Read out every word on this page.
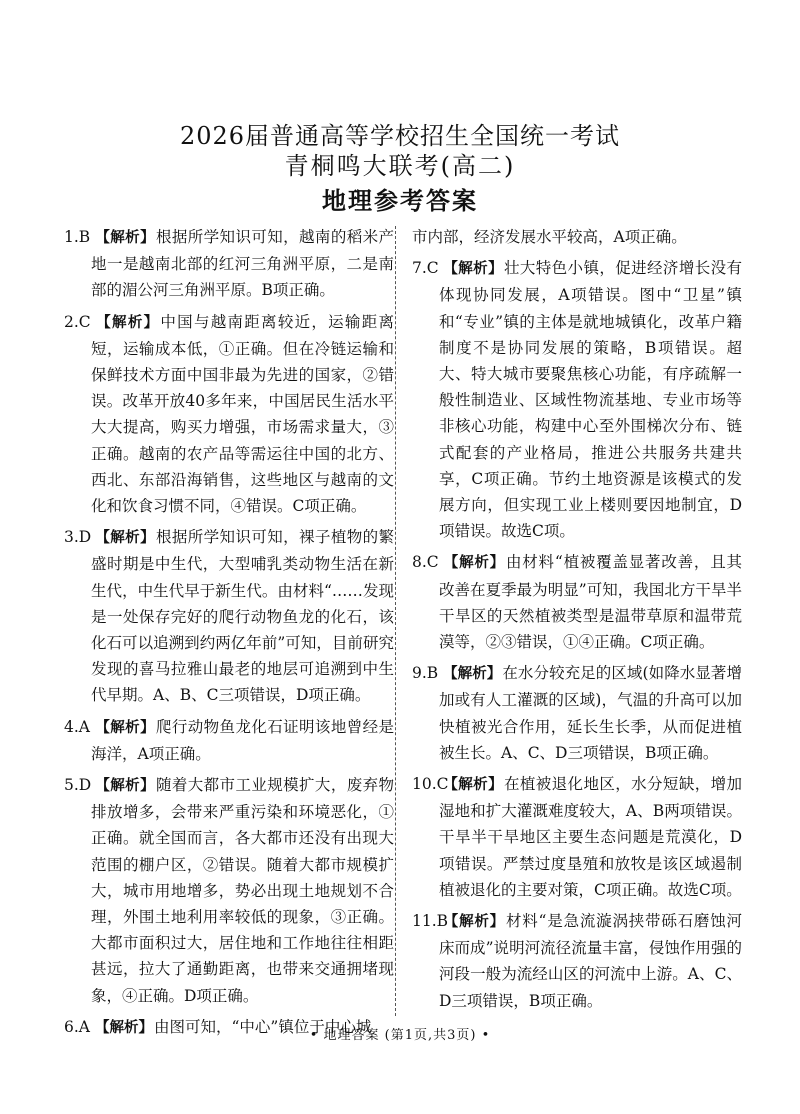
2026届普通高等学校招生全国统一考试
青桐鸣大联考(高二)
地理参考答案
1.B 【解析】根据所学知识可知，越南的稻米产地一是越南北部的红河三角洲平原，二是南部的湄公河三角洲平原。B项正确。
2.C 【解析】中国与越南距离较近，运输距离短，运输成本低，①正确。但在冷链运输和保鲜技术方面中国非最为先进的国家，②错误。改革开放40多年来，中国居民生活水平大大提高，购买力增强，市场需求量大，③正确。越南的农产品等需运往中国的北方、西北、东部沿海销售，这些地区与越南的文化和饮食习惯不同，④错误。C项正确。
3.D 【解析】根据所学知识可知，裸子植物的繁盛时期是中生代，大型哺乳类动物生活在新生代，中生代早于新生代。由材料“……发现是一处保存完好的爬行动物鱼龙的化石，该化石可以追溯到约两亿年前”可知，目前研究发现的喜马拉雅山最老的地层可追溯到中生代早期。A、B、C三项错误，D项正确。
4.A 【解析】爬行动物鱼龙化石证明该地曾经是海洋，A项正确。
5.D 【解析】随着大都市工业规模扩大，废弃物排放增多，会带来严重污染和环境恶化，①正确。就全国而言，各大都市还没有出现大范围的棚户区，②错误。随着大都市规模扩大，城市用地增多，势必出现土地规划不合理，外围土地利用率较低的现象，③正确。大都市面积过大，居住地和工作地往往相距甚远，拉大了通勤距离，也带来交通拥堵现象，④正确。D项正确。
6.A 【解析】由图可知，“中心”镇位于中心城
市内部，经济发展水平较高，A项正确。
7.C 【解析】壮大特色小镇，促进经济增长没有体现协同发展，A项错误。图中“卫星”镇和“专业”镇的主体是就地城镇化，改革户籍制度不是协同发展的策略，B项错误。超大、特大城市要聚焦核心功能，有序疏解一般性制造业、区域性物流基地、专业市场等非核心功能，构建中心至外围梯次分布、链式配套的产业格局，推进公共服务共建共享，C项正确。节约土地资源是该模式的发展方向，但实现工业上楼则要因地制宜，D项错误。故选C项。
8.C 【解析】由材料“植被覆盖显著改善，且其改善在夏季最为明显”可知，我国北方干旱半干旱区的天然植被类型是温带草原和温带荒漠等，②③错误，①④正确。C项正确。
9.B 【解析】在水分较充足的区域(如降水显著增加或有人工灌溉的区域)，气温的升高可以加快植被光合作用，延长生长季，从而促进植被生长。A、C、D三项错误，B项正确。
10.C【解析】在植被退化地区，水分短缺，增加湿地和扩大灌溉难度较大，A、B两项错误。干旱半干旱地区主要生态问题是荒漠化，D项错误。严禁过度垦殖和放牧是该区域遏制植被退化的主要对策，C项正确。故选C项。
11.B【解析】材料“是急流漩涡挟带砾石磨蚀河床而成”说明河流径流量丰富，侵蚀作用强的河段一般为流经山区的河流中上游。A、C、D三项错误，B项正确。
• 地理答案 (第1页,共3页) •
